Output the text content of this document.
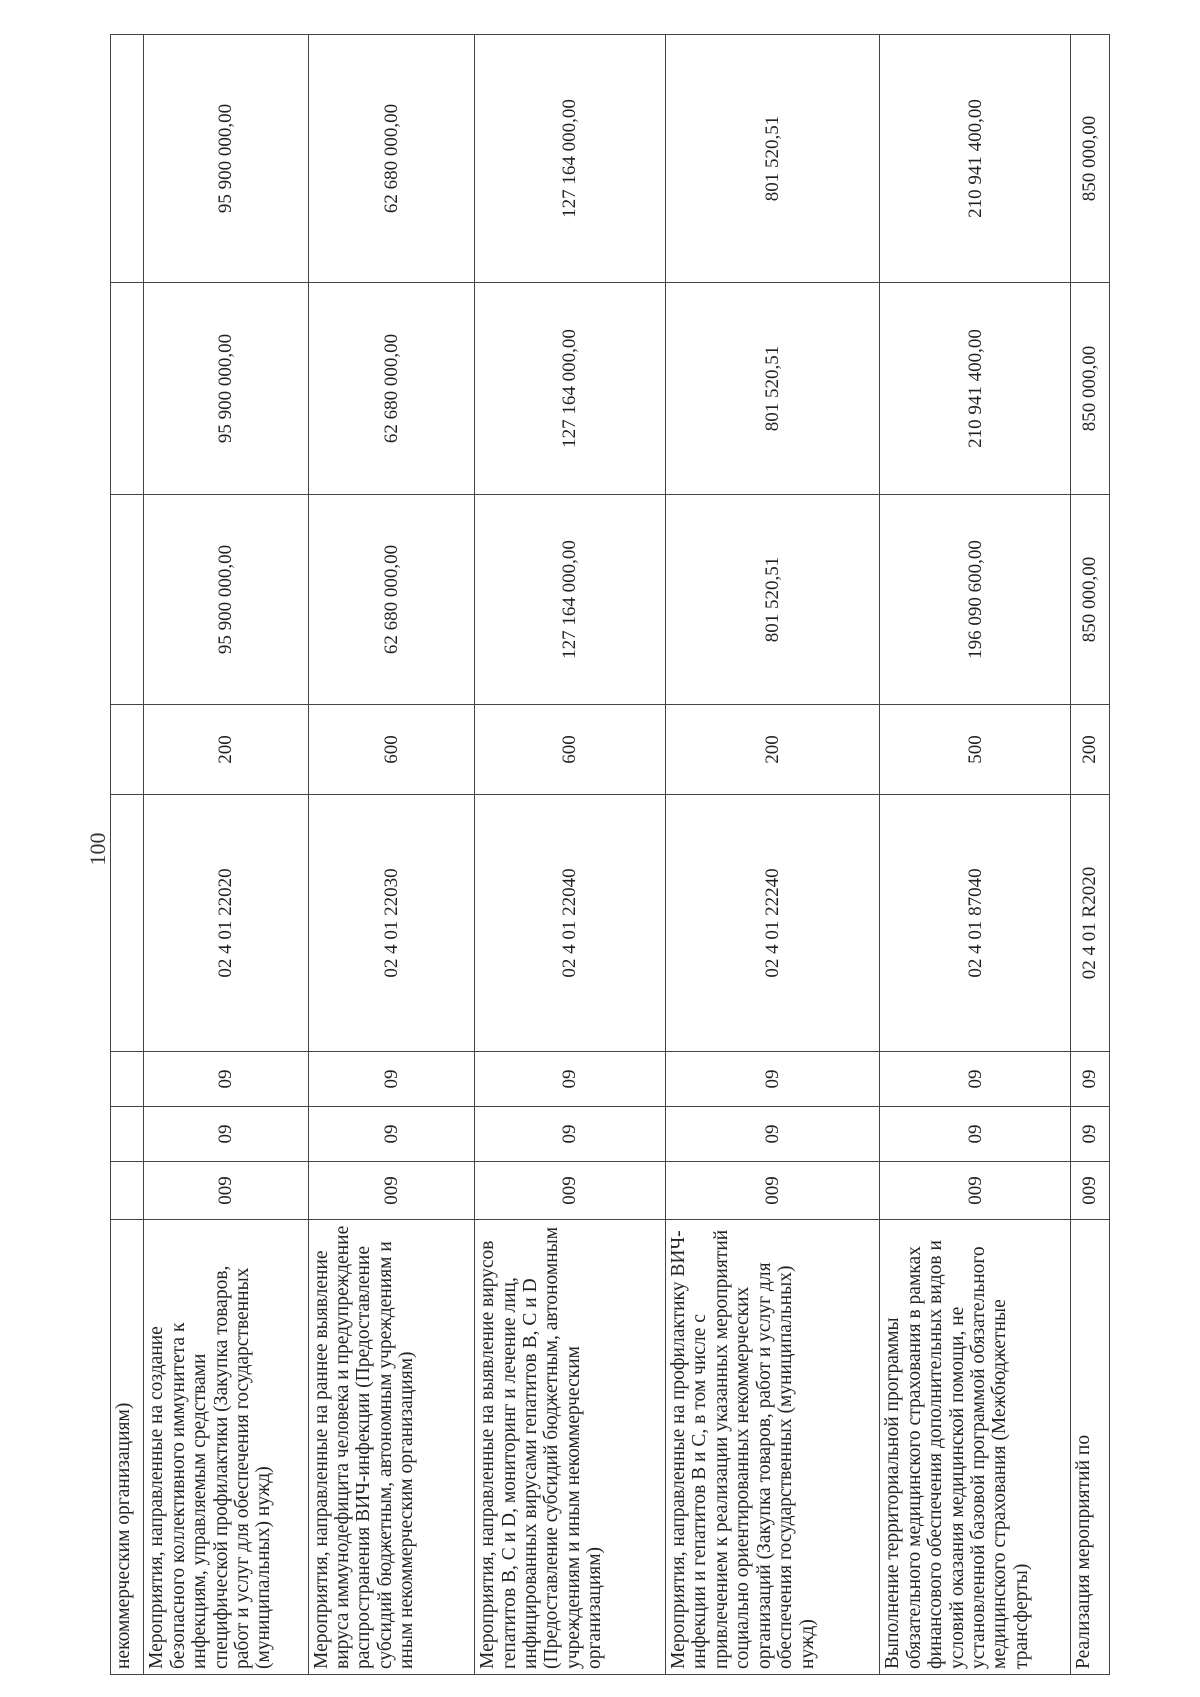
100
некоммерческим организациям)								
Мероприятия, направленные на создание безопасного коллективного иммунитета к инфекциям, управляемым средствами специфической профилактики (Закупка товаров, работ и услуг для обеспечения государственных (муниципальных) нужд)	009	09	09	02 4 01 22020	200	95 900 000,00	95 900 000,00	95 900 000,00
Мероприятия, направленные на раннее выявление вируса иммунодефицита человека и предупреждение распространения ВИЧ-инфекции (Предоставление субсидий бюджетным, автономным учреждениям и иным некоммерческим организациям)	009	09	09	02 4 01 22030	600	62 680 000,00	62 680 000,00	62 680 000,00
Мероприятия, направленные на выявление вирусов гепатитов B, C и D, мониторинг и лечение лиц, инфицированных вирусами гепатитов B, C и D (Предоставление субсидий бюджетным, автономным учреждениям и иным некоммерческим организациям)	009	09	09	02 4 01 22040	600	127 164 000,00	127 164 000,00	127 164 000,00
Мероприятия, направленные на профилактику ВИЧ-инфекции и гепатитов B и C, в том числе с привлечением к реализации указанных мероприятий социально ориентированных некоммерческих организаций (Закупка товаров, работ и услуг для обеспечения государственных (муниципальных) нужд)	009	09	09	02 4 01 22240	200	801 520,51	801 520,51	801 520,51
Выполнение территориальной программы обязательного медицинского страхования в рамках финансового обеспечения дополнительных видов и условий оказания медицинской помощи, не установленной базовой программой обязательного медицинского страхования (Межбюджетные трансферты)	009	09	09	02 4 01 87040	500	196 090 600,00	210 941 400,00	210 941 400,00
Реализация мероприятий по	009	09	09	02 4 01 R2020	200	850 000,00	850 000,00	850 000,00
